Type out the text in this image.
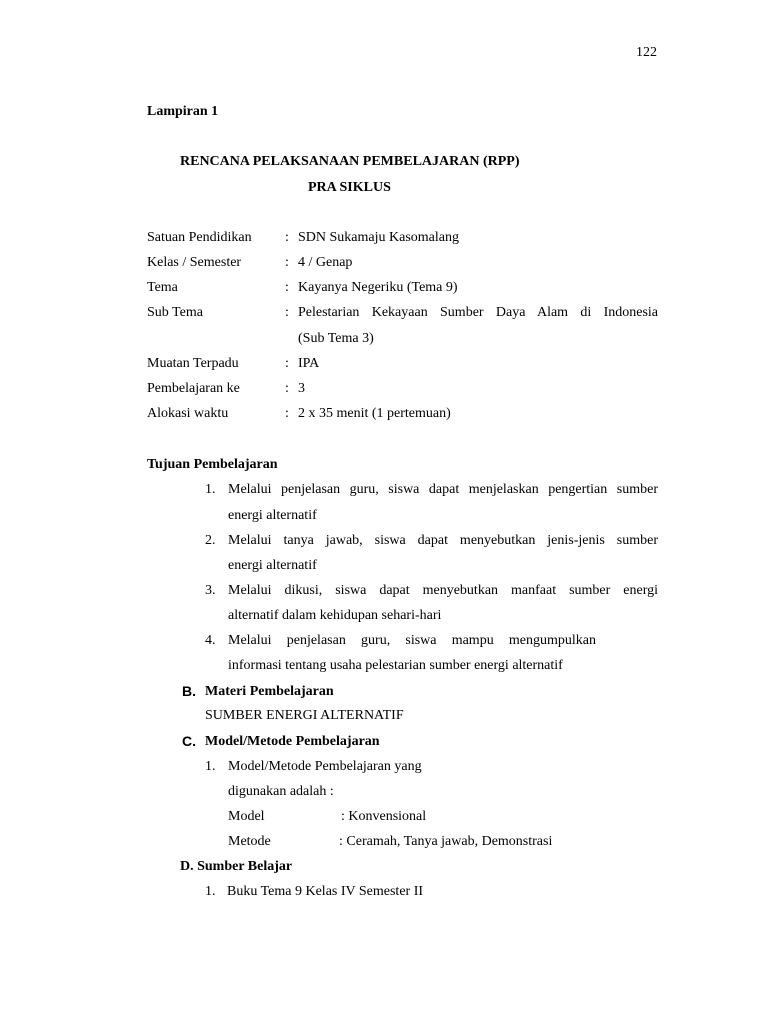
122
Lampiran 1
RENCANA PELAKSANAAN PEMBELAJARAN (RPP)
PRA SIKLUS
Satuan Pendidikan : SDN Sukamaju Kasomalang
Kelas / Semester	: 4 / Genap
Tema	: Kayanya Negeriku (Tema 9)
Sub Tema	: Pelestarian Kekayaan Sumber Daya Alam di Indonesia
(Sub Tema 3)
Muatan Terpadu	: IPA
Pembelajaran ke	: 3
Alokasi waktu	: 2 x 35 menit (1 pertemuan)
Tujuan Pembelajaran
1. Melalui penjelasan guru, siswa dapat menjelaskan pengertian sumber
energi alternatif
2. Melalui tanya jawab, siswa dapat menyebutkan jenis-jenis sumber
energi alternatif
3. Melalui dikusi, siswa dapat menyebutkan manfaat sumber energi
alternatif dalam kehidupan sehari-hari
4. Melalui penjelasan guru, siswa mampu mengumpulkan
informasi tentang usaha pelestarian sumber energi alternatif
B. Materi Pembelajaran
SUMBER ENERGI ALTERNATIF
C. Model/Metode Pembelajaran
1. Model/Metode Pembelajaran yang
digunakan adalah :
Model	: Konvensional
Metode	: Ceramah, Tanya jawab, Demonstrasi
D. Sumber Belajar
1. Buku Tema 9 Kelas IV Semester II
